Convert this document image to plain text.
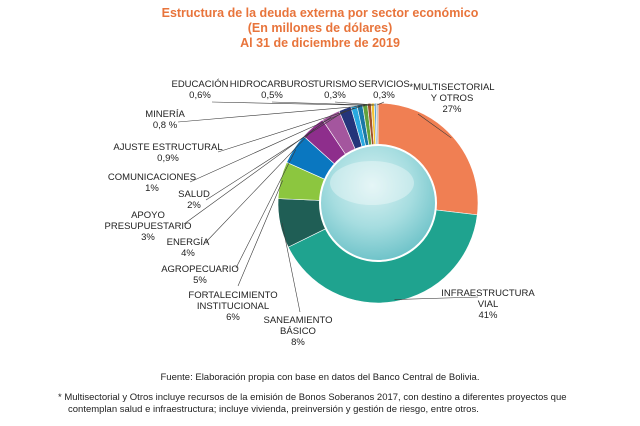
Estructura de la deuda externa por sector económico
(En millones de dólares)
Al 31 de diciembre de 2019
*MULTISECTORIAL Y OTROS 27%
INFRAESTRUCTURA VIAL 41%
SANEAMIENTO BÁSICO 8%
FORTALECIMIENTO INSTITUCIONAL 6%
AGROPECUARIO 5%
ENERGÍA 4%
APOYO PRESUPUESTARIO 3%
SALUD 2%
COMUNICACIONES 1%
AJUSTE ESTRUCTURAL 0,9%
MINERÍA 0,8 %
EDUCACIÓN 0,6%
HIDROCARBUROS 0,5%
TURISMO 0,3%
SERVICIOS 0,3%
Fuente: Elaboración propia con base en datos del Banco Central de Bolivia.
* Multisectorial y Otros incluye recursos de la emisión de Bonos Soberanos 2017, con destino a diferentes proyectos que
contemplan salud e infraestructura; incluye vivienda, preinversión y gestión de riesgo, entre otros.
